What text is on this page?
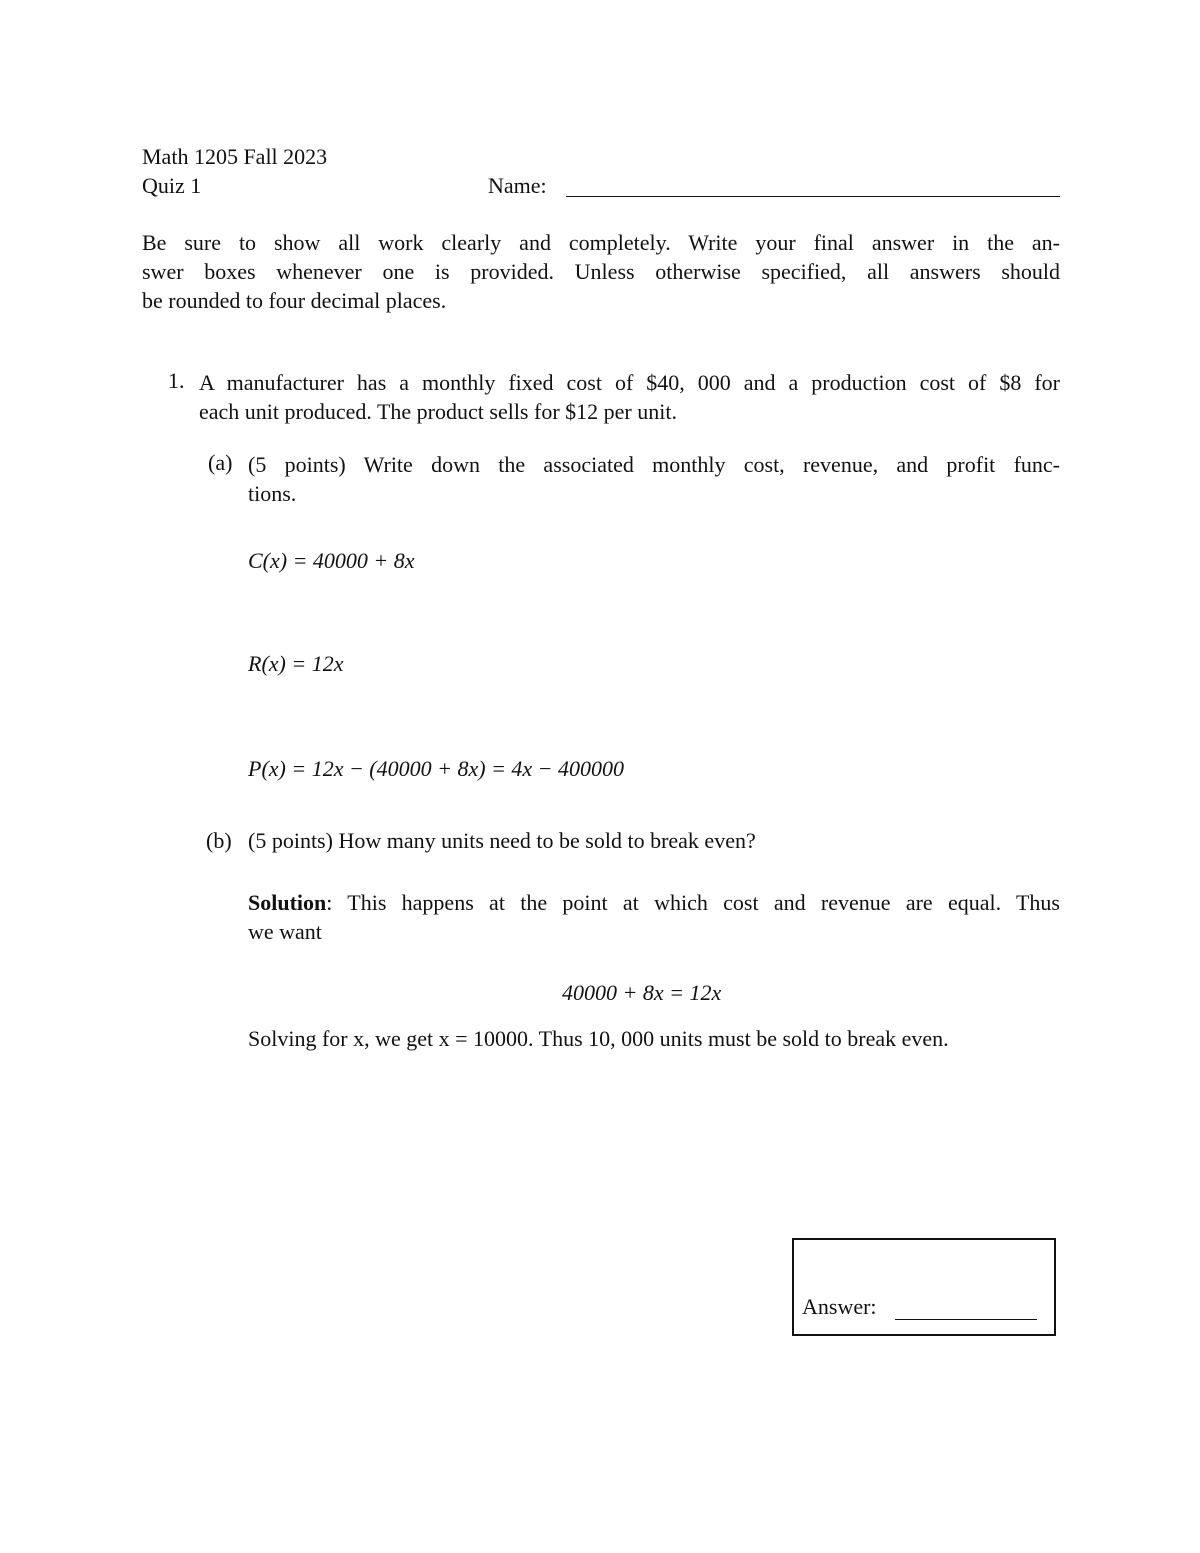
Math 1205 Fall 2023
Quiz 1	Name:
Be sure to show all work clearly and completely. Write your final answer in the an-
swer boxes whenever one is provided. Unless otherwise specified, all answers should
be rounded to four decimal places.
1. A manufacturer has a monthly fixed cost of $40, 000 and a production cost of $8 for
each unit produced. The product sells for $12 per unit.
(a) (5 points) Write down the associated monthly cost, revenue, and profit func-
tions.
C(x) = 40000 + 8x
R(x) = 12x
P(x) = 12x − (40000 + 8x) = 4x − 400000
(b) (5 points) How many units need to be sold to break even?
Solution: This happens at the point at which cost and revenue are equal. Thus
we want
40000 + 8x = 12x
Solving for x, we get x = 10000. Thus 10, 000 units must be sold to break even.
Answer:
